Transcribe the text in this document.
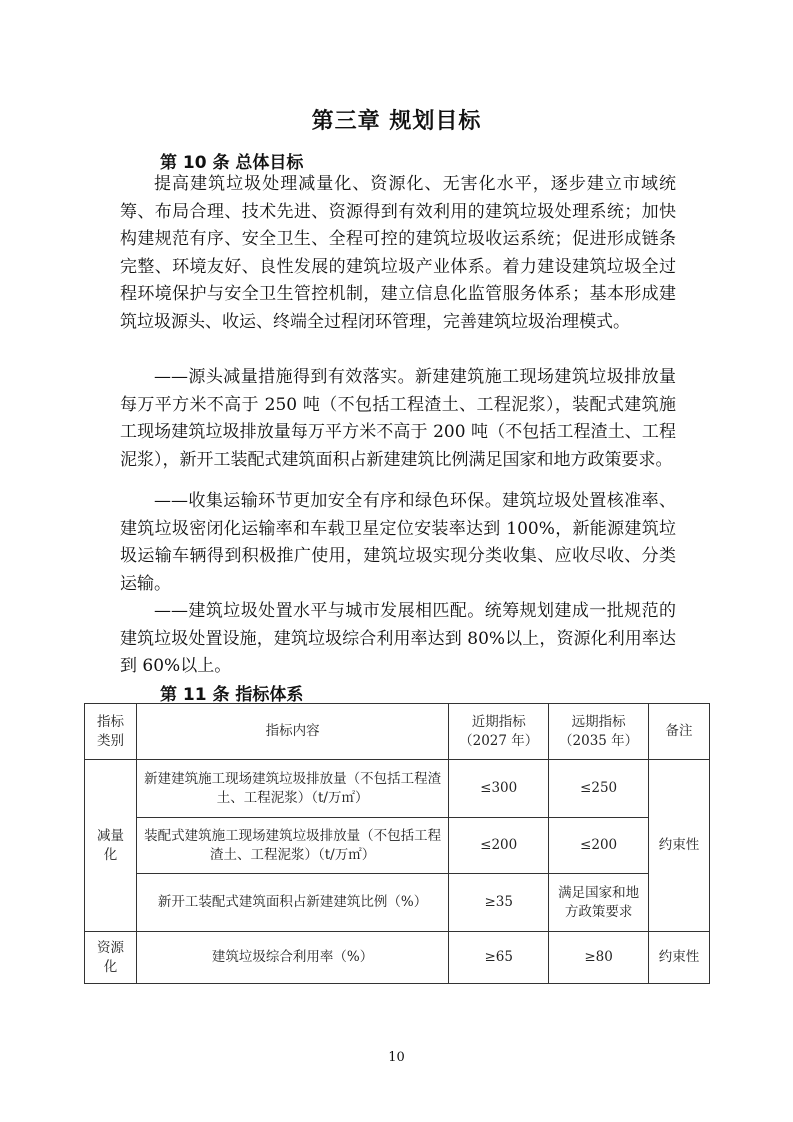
第三章 规划目标
第 10 条 总体目标

提高建筑垃圾处理减量化、资源化、无害化水平，逐步建立市域统筹、布局合理、技术先进、资源得到有效利用的建筑垃圾处理系统；加快构建规范有序、安全卫生、全程可控的建筑垃圾收运系统；促进形成链条完整、环境友好、良性发展的建筑垃圾产业体系。着力建设建筑垃圾全过程环境保护与安全卫生管控机制，建立信息化监管服务体系；基本形成建筑垃圾源头、收运、终端全过程闭环管理，完善建筑垃圾治理模式。

——源头减量措施得到有效落实。新建建筑施工现场建筑垃圾排放量每万平方米不高于 250 吨（不包括工程渣土、工程泥浆），装配式建筑施工现场建筑垃圾排放量每万平方米不高于 200 吨（不包括工程渣土、工程泥浆），新开工装配式建筑面积占新建建筑比例满足国家和地方政策要求。

——收集运输环节更加安全有序和绿色环保。建筑垃圾处置核准率、建筑垃圾密闭化运输率和车载卫星定位安装率达到 100%，新能源建筑垃圾运输车辆得到积极推广使用，建筑垃圾实现分类收集、应收尽收、分类运输。

——建筑垃圾处置水平与城市发展相匹配。统筹规划建成一批规范的建筑垃圾处置设施，建筑垃圾综合利用率达到 80%以上，资源化利用率达到 60%以上。

第 11 条 指标体系
指标类别	指标内容	近期指标（2027 年）	远期指标（2035 年）	备注
减量化	新建建筑施工现场建筑垃圾排放量（不包括工程渣土、工程泥浆）（t/万㎡）	≤300	≤250	约束性
	装配式建筑施工现场建筑垃圾排放量（不包括工程渣土、工程泥浆）（t/万㎡）	≤200	≤200	
	新开工装配式建筑面积占新建建筑比例（%）	≥35	满足国家和地方政策要求	
资源化	建筑垃圾综合利用率（%）	≥65	≥80	约束性
10
